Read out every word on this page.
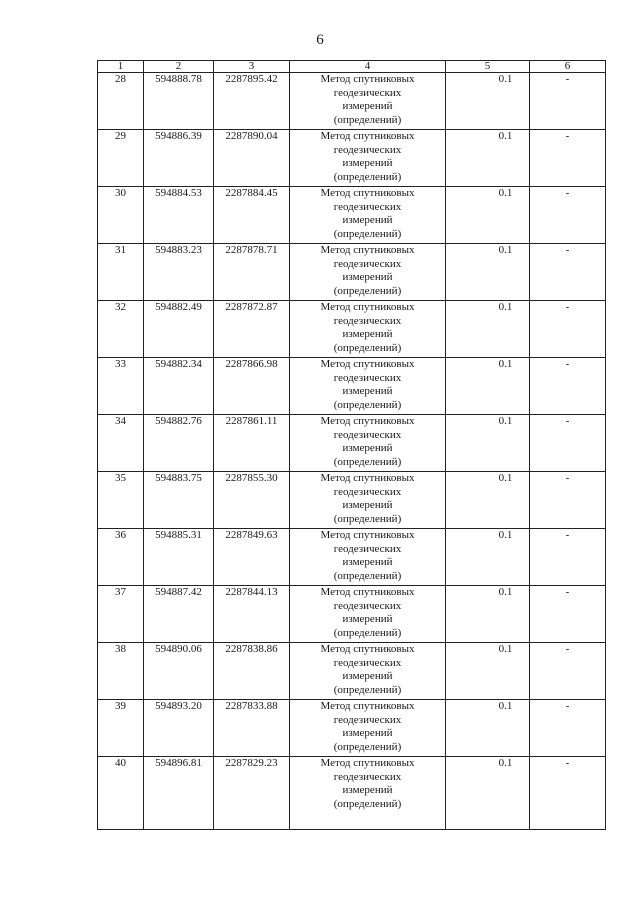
6
1	2	3	4	5	6
28	594888.78	2287895.42	Метод спутниковых
геодезических
измерений
(определений)	0.1	-
29	594886.39	2287890.04	Метод спутниковых
геодезических
измерений
(определений)	0.1	-
30	594884.53	2287884.45	Метод спутниковых
геодезических
измерений
(определений)	0.1	-
31	594883.23	2287878.71	Метод спутниковых
геодезических
измерений
(определений)	0.1	-
32	594882.49	2287872.87	Метод спутниковых
геодезических
измерений
(определений)	0.1	-
33	594882.34	2287866.98	Метод спутниковых
геодезических
измерений
(определений)	0.1	-
34	594882.76	2287861.11	Метод спутниковых
геодезических
измерений
(определений)	0.1	-
35	594883.75	2287855.30	Метод спутниковых
геодезических
измерений
(определений)	0.1	-
36	594885.31	2287849.63	Метод спутниковых
геодезических
измерений
(определений)	0.1	-
37	594887.42	2287844.13	Метод спутниковых
геодезических
измерений
(определений)	0.1	-
38	594890.06	2287838.86	Метод спутниковых
геодезических
измерений
(определений)	0.1	-
39	594893.20	2287833.88	Метод спутниковых
геодезических
измерений
(определений)	0.1	-
40	594896.81	2287829.23	Метод спутниковых
геодезических
измерений
(определений)	0.1	-
